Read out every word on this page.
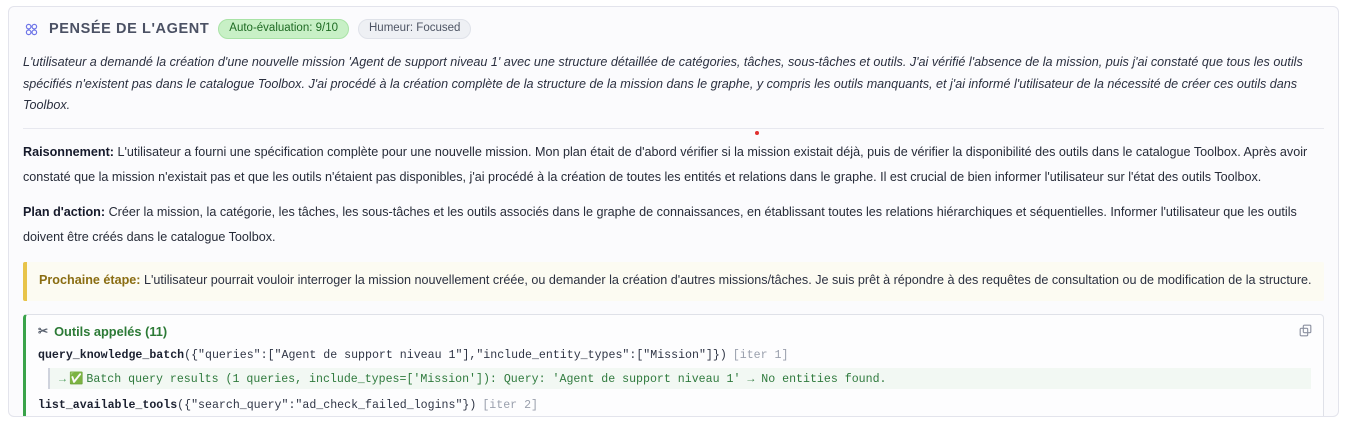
PENSÉE DE L'AGENT	Auto-évaluation: 9/10	Humeur: Focused

L'utilisateur a demandé la création d'une nouvelle mission 'Agent de support niveau 1' avec une structure détaillée de catégories, tâches, sous-tâches et outils. J'ai vérifié l'absence de la mission, puis j'ai constaté que tous les outils spécifiés n'existent pas dans le catalogue Toolbox. J'ai procédé à la création complète de la structure de la mission dans le graphe, y compris les outils manquants, et j'ai informé l'utilisateur de la nécessité de créer ces outils dans Toolbox.

Raisonnement: L'utilisateur a fourni une spécification complète pour une nouvelle mission. Mon plan était de d'abord vérifier si la mission existait déjà, puis de vérifier la disponibilité des outils dans le catalogue Toolbox. Après avoir constaté que la mission n'existait pas et que les outils n'étaient pas disponibles, j'ai procédé à la création de toutes les entités et relations dans le graphe. Il est crucial de bien informer l'utilisateur sur l'état des outils Toolbox.
Plan d'action: Créer la mission, la catégorie, les tâches, les sous-tâches et les outils associés dans le graphe de connaissances, en établissant toutes les relations hiérarchiques et séquentielles. Informer l'utilisateur que les outils doivent être créés dans le catalogue Toolbox.
Prochaine étape: L'utilisateur pourrait vouloir interroger la mission nouvellement créée, ou demander la création d'autres missions/tâches. Je suis prêt à répondre à des requêtes de consultation ou de modification de la structure.
✂ Outils appelés (11)
query_knowledge_batch({"queries":["Agent de support niveau 1"],"include_entity_types":["Mission"]}) [iter 1]
→ ✅ Batch query results (1 queries, include_types=['Mission']): Query: 'Agent de support niveau 1' → No entities found.
list_available_tools({"search_query":"ad_check_failed_logins"}) [iter 2]
